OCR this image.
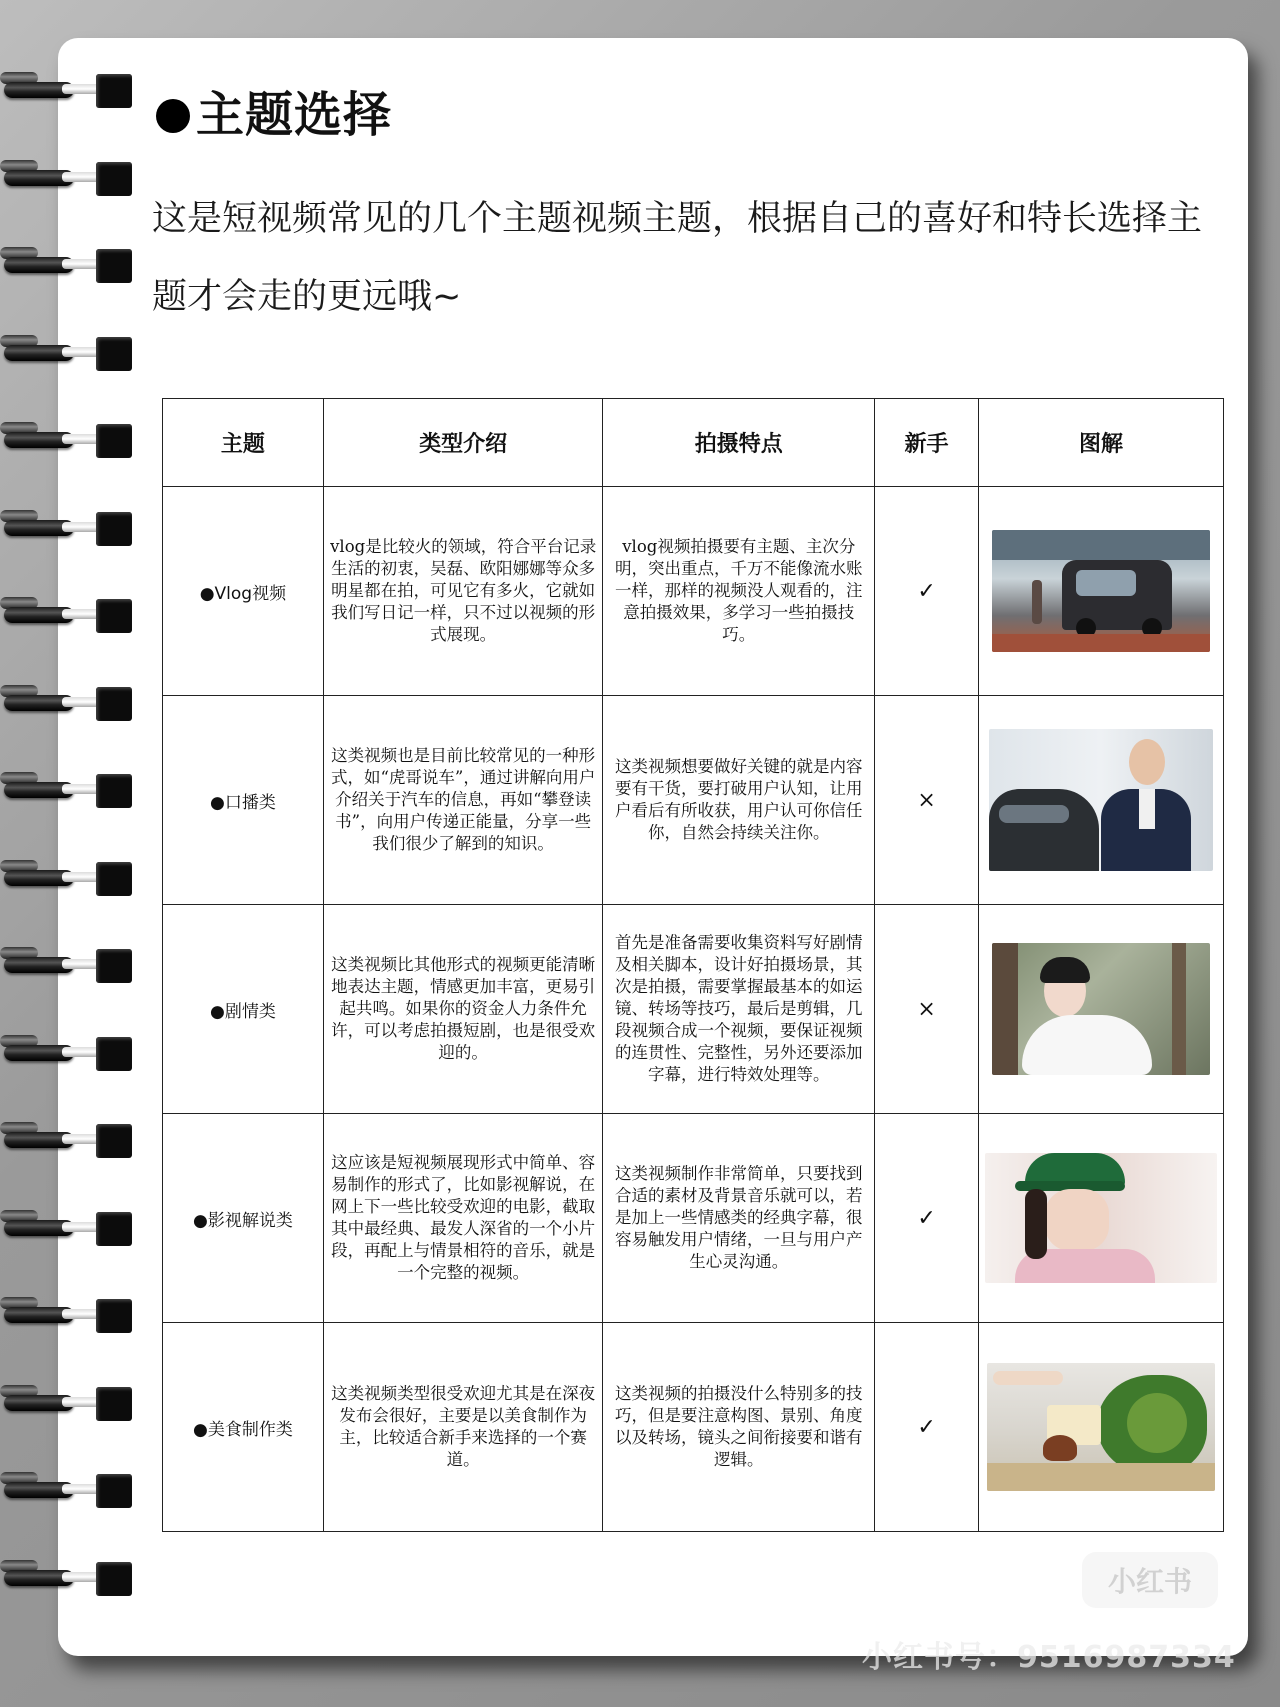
主题选择
这是短视频常见的几个主题视频主题，根据自己的喜好和特长选择主题才会走的更远哦~
主题	类型介绍	拍摄特点	新手	图解
●Vlog视频	vlog是比较火的领域，符合平台记录生活的初衷，吴磊、欧阳娜娜等众多明星都在拍，可见它有多火，它就如我们写日记一样，只不过以视频的形式展现。	vlog视频拍摄要有主题、主次分明，突出重点，千万不能像流水账一样，那样的视频没人观看的，注意拍摄效果，多学习一些拍摄技巧。	✓	

●口播类	这类视频也是目前比较常见的一种形式，如“虎哥说车”，通过讲解向用户介绍关于汽车的信息，再如“攀登读书”，向用户传递正能量，分享一些我们很少了解到的知识。	这类视频想要做好关键的就是内容要有干货，要打破用户认知，让用户看后有所收获，用户认可你信任你，自然会持续关注你。	×	

●剧情类	这类视频比其他形式的视频更能清晰地表达主题，情感更加丰富，更易引起共鸣。如果你的资金人力条件允许，可以考虑拍摄短剧，也是很受欢迎的。	首先是准备需要收集资料写好剧情及相关脚本，设计好拍摄场景，其次是拍摄，需要掌握最基本的如运镜、转场等技巧，最后是剪辑，几段视频合成一个视频，要保证视频的连贯性、完整性，另外还要添加字幕，进行特效处理等。	×	

●影视解说类	这应该是短视频展现形式中简单、容易制作的形式了，比如影视解说，在网上下一些比较受欢迎的电影，截取其中最经典、最发人深省的一个小片段，再配上与情景相符的音乐，就是一个完整的视频。	这类视频制作非常简单，只要找到合适的素材及背景音乐就可以，若是加上一些情感类的经典字幕，很容易触发用户情绪，一旦与用户产生心灵沟通。	✓	

●美食制作类	这类视频类型很受欢迎尤其是在深夜发布会很好，主要是以美食制作为主，比较适合新手来选择的一个赛道。	这类视频的拍摄没什么特别多的技巧，但是要注意构图、景别、角度以及转场，镜头之间衔接要和谐有逻辑。	✓	
小红书
小红书号：9516987334
